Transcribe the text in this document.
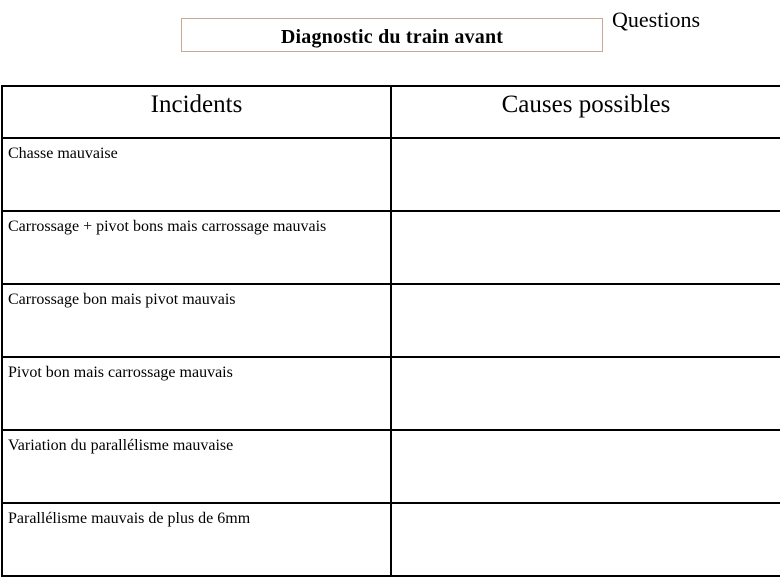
Diagnostic du train avant
Questions
Incidents	Causes possibles
Chasse mauvaise	
Carrossage + pivot bons mais carrossage mauvais	
Carrossage bon mais pivot mauvais	
Pivot bon mais carrossage mauvais	
Variation du parallélisme mauvaise	
Parallélisme mauvais de plus de 6mm	
